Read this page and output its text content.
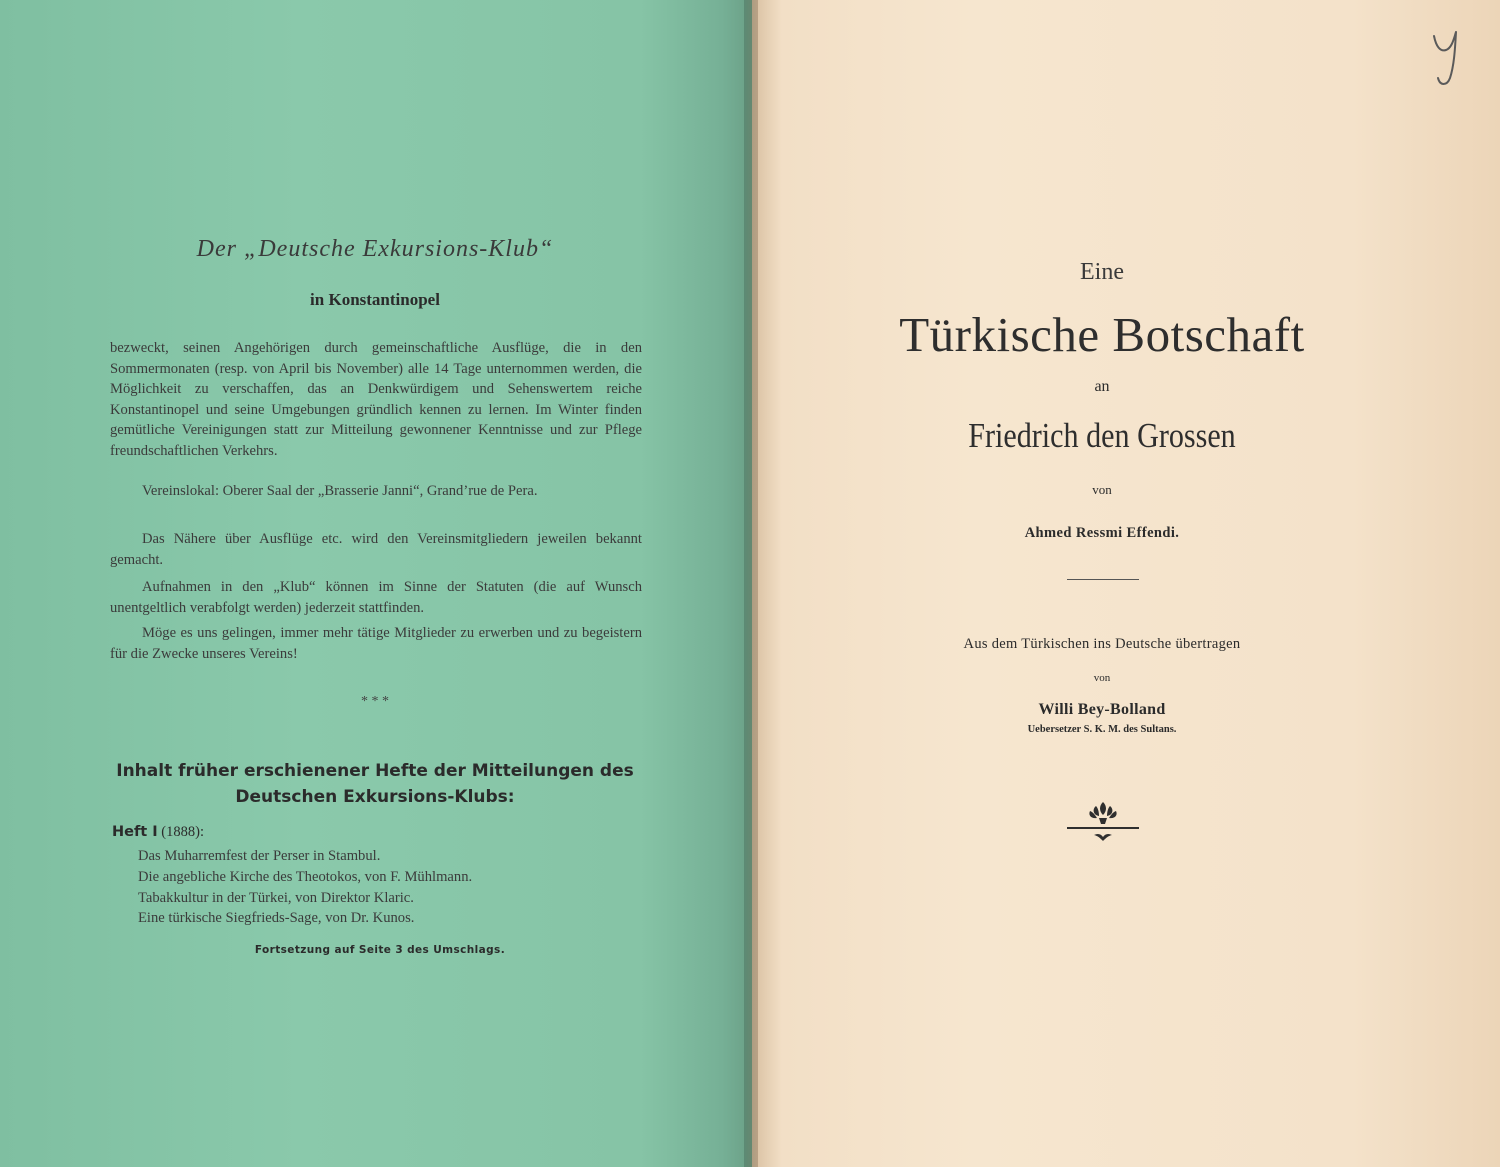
Der „Deutsche Exkursions-Klub“
in Konstantinopel
bezweckt, seinen Angehörigen durch gemeinschaftliche Ausflüge, die in den Sommermonaten (resp. von April bis November) alle 14 Tage unternommen werden, die Möglichkeit zu verschaffen, das an Denkwürdigem und Sehenswertem reiche Konstantinopel und seine Umgebungen gründlich kennen zu lernen. Im Winter finden gemütliche Vereinigungen statt zur Mitteilung gewonnener Kenntnisse und zur Pflege freundschaftlichen Verkehrs.
Vereinslokal: Oberer Saal der „Brasserie Janni“, Grand’rue de Pera.
Das Nähere über Ausflüge etc. wird den Vereinsmitgliedern jeweilen bekannt gemacht.
Aufnahmen in den „Klub“ können im Sinne der Statuten (die auf Wunsch unentgeltlich verabfolgt werden) jederzeit stattfinden.
Möge es uns gelingen, immer mehr tätige Mitglieder zu erwerben und zu begeistern für die Zwecke unseres Vereins!
* * *
Inhalt früher erschienener Hefte der Mitteilungen des
Deutschen Exkursions-Klubs:
Heft I (1888):
Das Muharremfest der Perser in Stambul.
Die angebliche Kirche des Theotokos, von F. Mühlmann.
Tabakkultur in der Türkei, von Direktor Klaric.
Eine türkische Siegfrieds-Sage, von Dr. Kunos.
Fortsetzung auf Seite 3 des Umschlags.
Eine
Türkische Botschaft
an
Friedrich den Grossen
von
Ahmed Ressmi Effendi.
Aus dem Türkischen ins Deutsche übertragen
von
Willi Bey-Bolland
Uebersetzer S. K. M. des Sultans.
